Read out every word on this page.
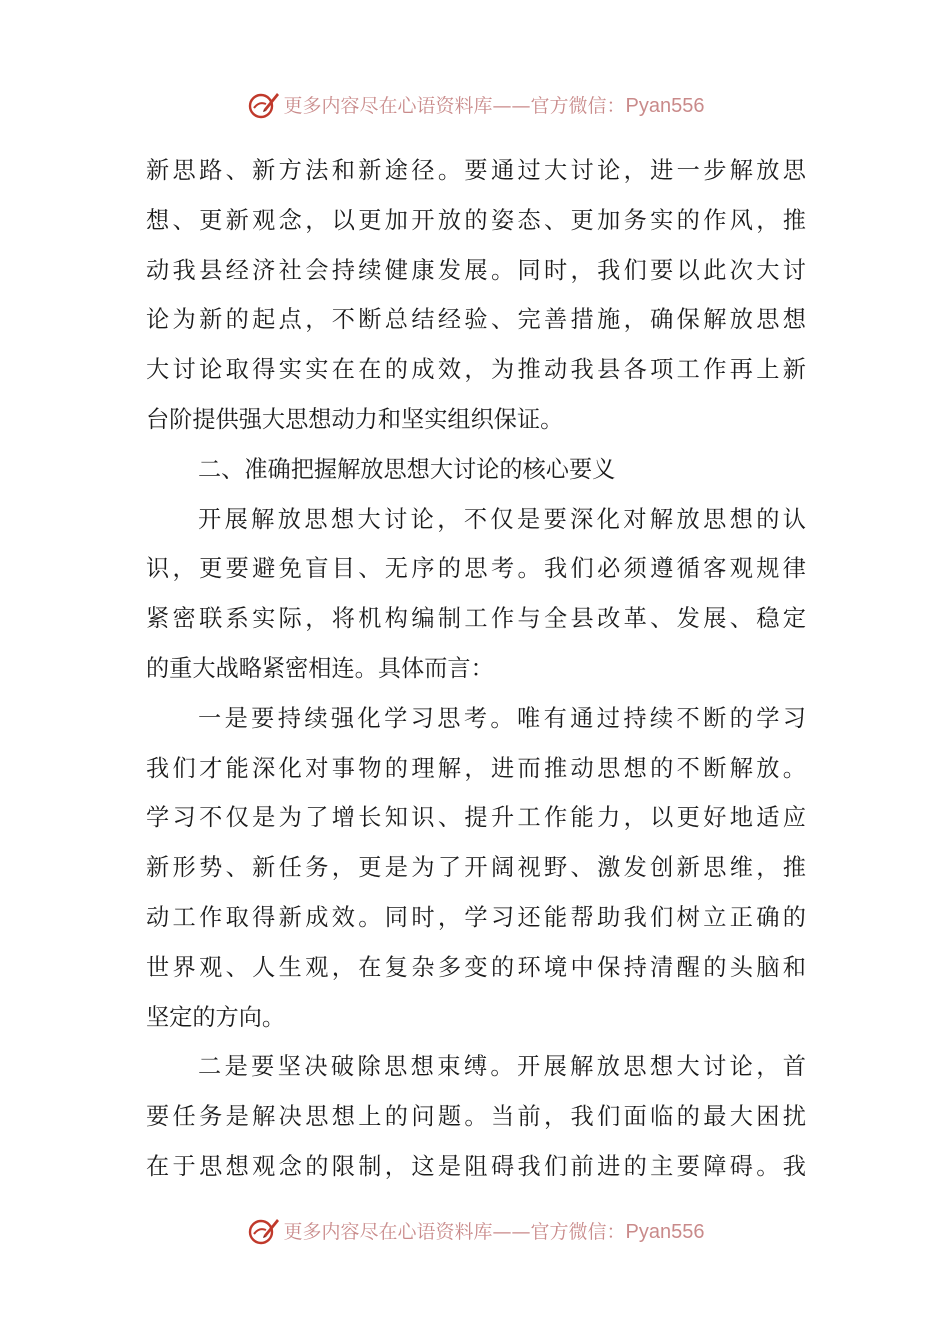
更多内容尽在心语资料库——官方微信：Pyan556
新思路、新方法和新途径。要通过大讨论，进一步解放思
想、更新观念，以更加开放的姿态、更加务实的作风，推
动我县经济社会持续健康发展。同时，我们要以此次大讨
论为新的起点，不断总结经验、完善措施，确保解放思想
大讨论取得实实在在的成效，为推动我县各项工作再上新
台阶提供强大思想动力和坚实组织保证。
二、准确把握解放思想大讨论的核心要义
开展解放思想大讨论，不仅是要深化对解放思想的认
识，更要避免盲目、无序的思考。我们必须遵循客观规律
紧密联系实际，将机构编制工作与全县改革、发展、稳定
的重大战略紧密相连。具体而言：
一是要持续强化学习思考。唯有通过持续不断的学习
我们才能深化对事物的理解，进而推动思想的不断解放。
学习不仅是为了增长知识、提升工作能力，以更好地适应
新形势、新任务，更是为了开阔视野、激发创新思维，推
动工作取得新成效。同时，学习还能帮助我们树立正确的
世界观、人生观，在复杂多变的环境中保持清醒的头脑和
坚定的方向。
二是要坚决破除思想束缚。开展解放思想大讨论，首
要任务是解决思想上的问题。当前，我们面临的最大困扰
在于思想观念的限制，这是阻碍我们前进的主要障碍。我
更多内容尽在心语资料库——官方微信：Pyan556
